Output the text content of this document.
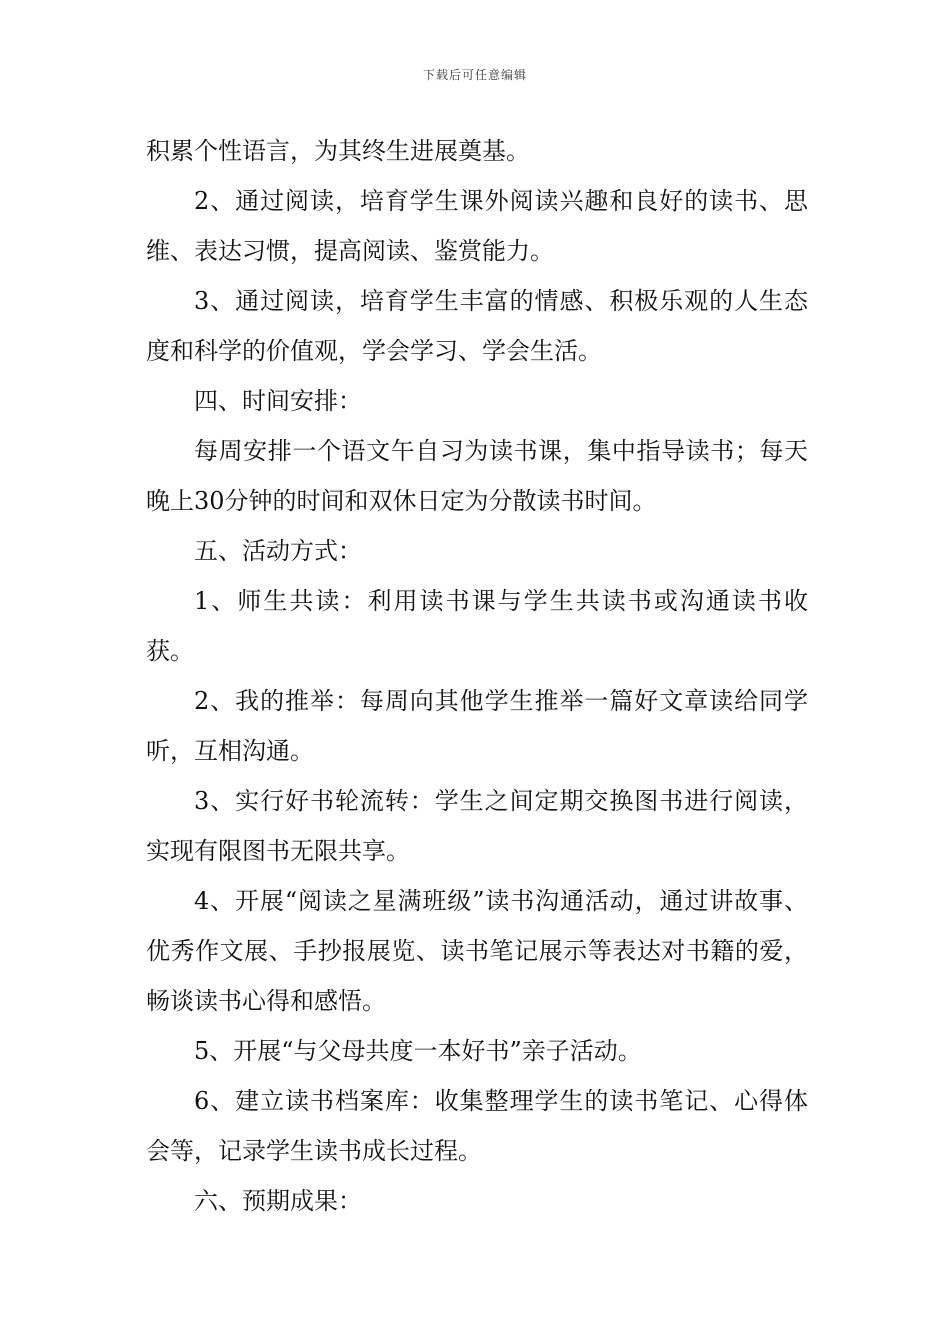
下载后可任意编辑

积累个性语言，为其终生进展奠基。

2、通过阅读，培育学生课外阅读兴趣和良好的读书、思维、表达习惯，提高阅读、鉴赏能力。

3、通过阅读，培育学生丰富的情感、积极乐观的人生态度和科学的价值观，学会学习、学会生活。

四、时间安排：

每周安排一个语文午自习为读书课，集中指导读书；每天晚上30分钟的时间和双休日定为分散读书时间。

五、活动方式：

1、师生共读：利用读书课与学生共读书或沟通读书收获。

2、我的推举：每周向其他学生推举一篇好文章读给同学听，互相沟通。

3、实行好书轮流转：学生之间定期交换图书进行阅读，实现有限图书无限共享。

4、开展“阅读之星满班级”读书沟通活动，通过讲故事、优秀作文展、手抄报展览、读书笔记展示等表达对书籍的爱，畅谈读书心得和感悟。

5、开展“与父母共度一本好书”亲子活动。

6、建立读书档案库：收集整理学生的读书笔记、心得体会等，记录学生读书成长过程。

六、预期成果：
